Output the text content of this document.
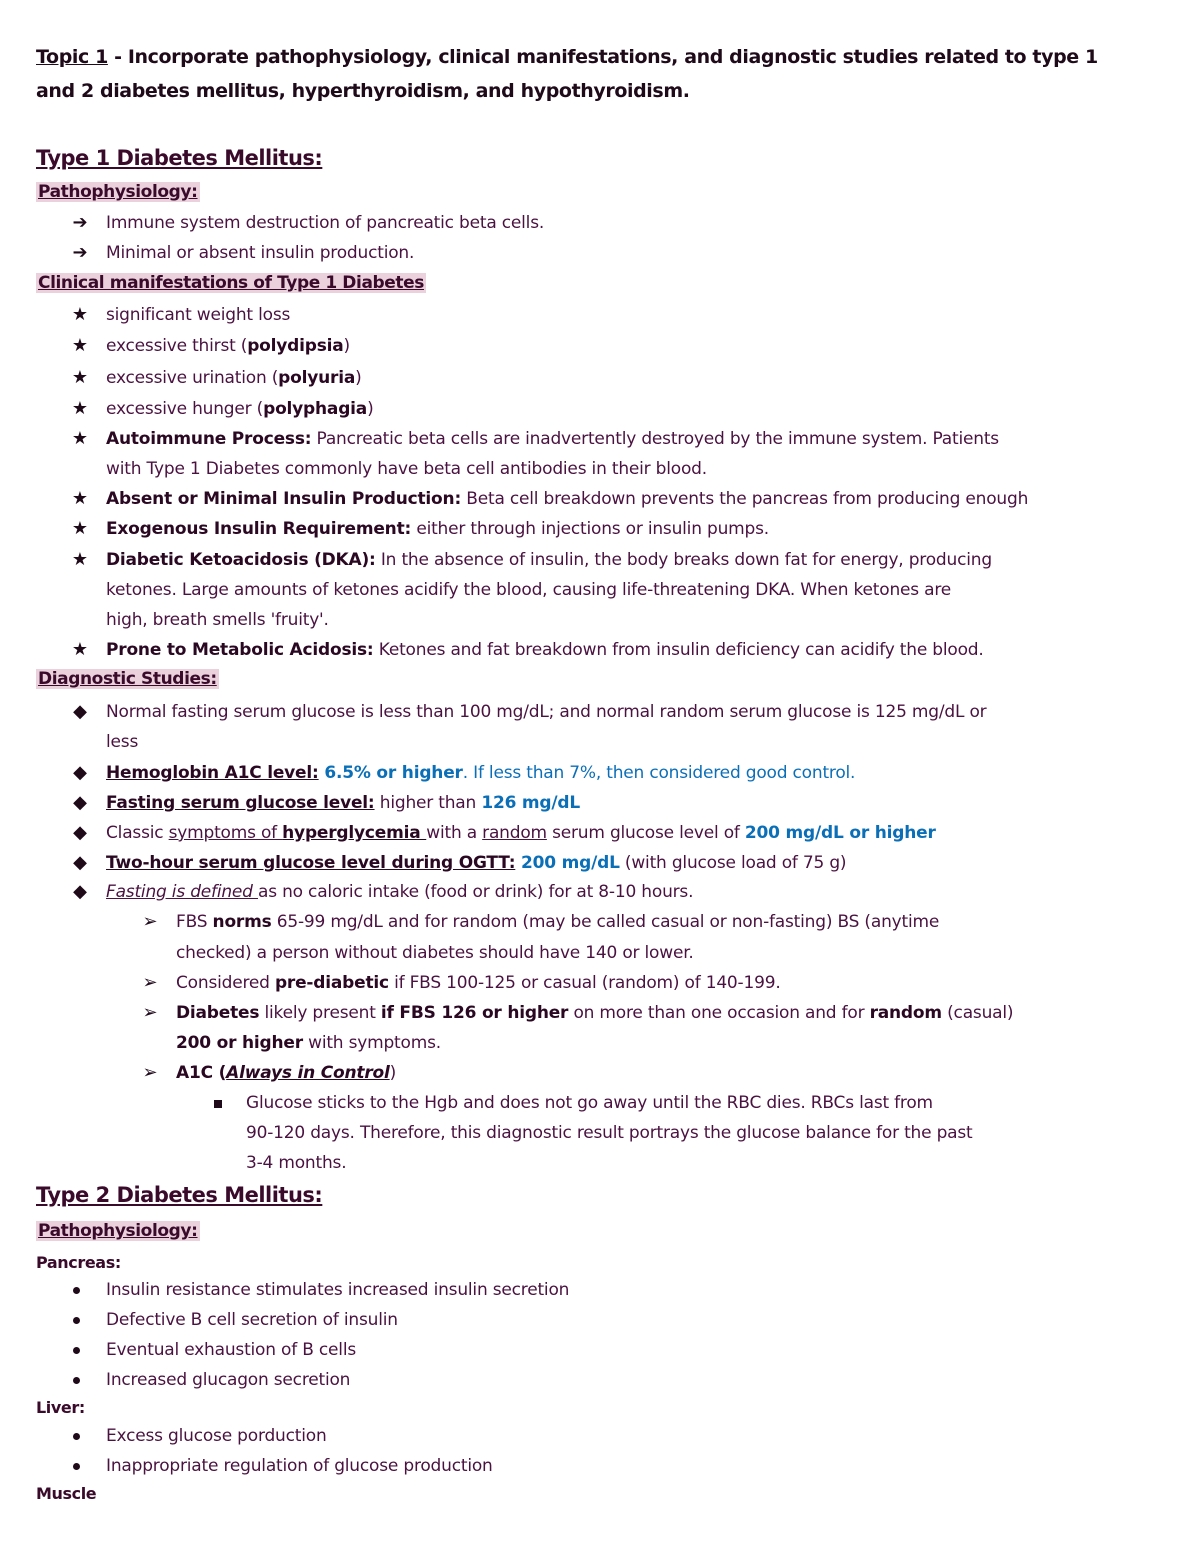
Topic 1 - Incorporate pathophysiology, clinical manifestations, and diagnostic studies related to type 1
and 2 diabetes mellitus, hyperthyroidism, and hypothyroidism.
Type 1 Diabetes Mellitus:
Pathophysiology:
➔ Immune system destruction of pancreatic beta cells.
➔ Minimal or absent insulin production.
Clinical manifestations of Type 1 Diabetes
★ significant weight loss
★ excessive thirst (polydipsia)
★ excessive urination (polyuria)
★ excessive hunger (polyphagia)
★ Autoimmune Process: Pancreatic beta cells are inadvertently destroyed by the immune system. Patients
with Type 1 Diabetes commonly have beta cell antibodies in their blood.
★ Absent or Minimal Insulin Production: Beta cell breakdown prevents the pancreas from producing enough
★ Exogenous Insulin Requirement: either through injections or insulin pumps.
★ Diabetic Ketoacidosis (DKA): In the absence of insulin, the body breaks down fat for energy, producing
ketones. Large amounts of ketones acidify the blood, causing life-threatening DKA. When ketones are
high, breath smells 'fruity'.
★ Prone to Metabolic Acidosis: Ketones and fat breakdown from insulin deficiency can acidify the blood.
Diagnostic Studies:
◆ Normal fasting serum glucose is less than 100 mg/dL; and normal random serum glucose is 125 mg/dL or
less
◆ Hemoglobin A1C level: 6.5% or higher. If less than 7%, then considered good control.
◆ Fasting serum glucose level: higher than 126 mg/dL
◆ Classic symptoms of hyperglycemia with a random serum glucose level of 200 mg/dL or higher
◆ Two-hour serum glucose level during OGTT: 200 mg/dL (with glucose load of 75 g)
◆ Fasting is defined as no caloric intake (food or drink) for at 8-10 hours.
➢ FBS norms 65-99 mg/dL and for random (may be called casual or non-fasting) BS (anytime
checked) a person without diabetes should have 140 or lower.
➢ Considered pre-diabetic if FBS 100-125 or casual (random) of 140-199.
➢ Diabetes likely present if FBS 126 or higher on more than one occasion and for random (casual)
200 or higher with symptoms.
➢ A1C (Always in Control)
Glucose sticks to the Hgb and does not go away until the RBC dies. RBCs last from
90-120 days. Therefore, this diagnostic result portrays the glucose balance for the past
3-4 months.
Type 2 Diabetes Mellitus:
Pathophysiology:
Pancreas:
Insulin resistance stimulates increased insulin secretion
Defective B cell secretion of insulin
Eventual exhaustion of B cells
Increased glucagon secretion
Liver:
Excess glucose porduction
Inappropriate regulation of glucose production
Muscle
